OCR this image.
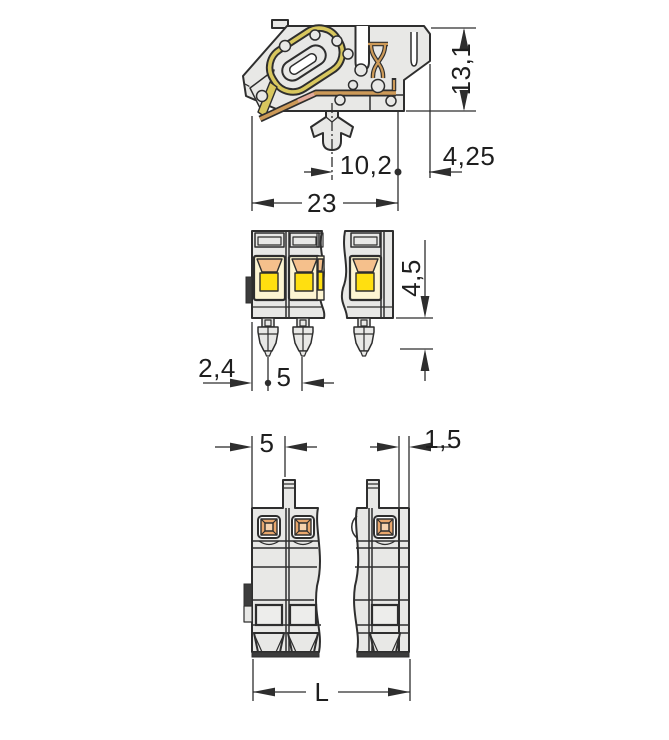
13,1
4,25
10,2
23
4,5
2,4 5
5	1,5
L
